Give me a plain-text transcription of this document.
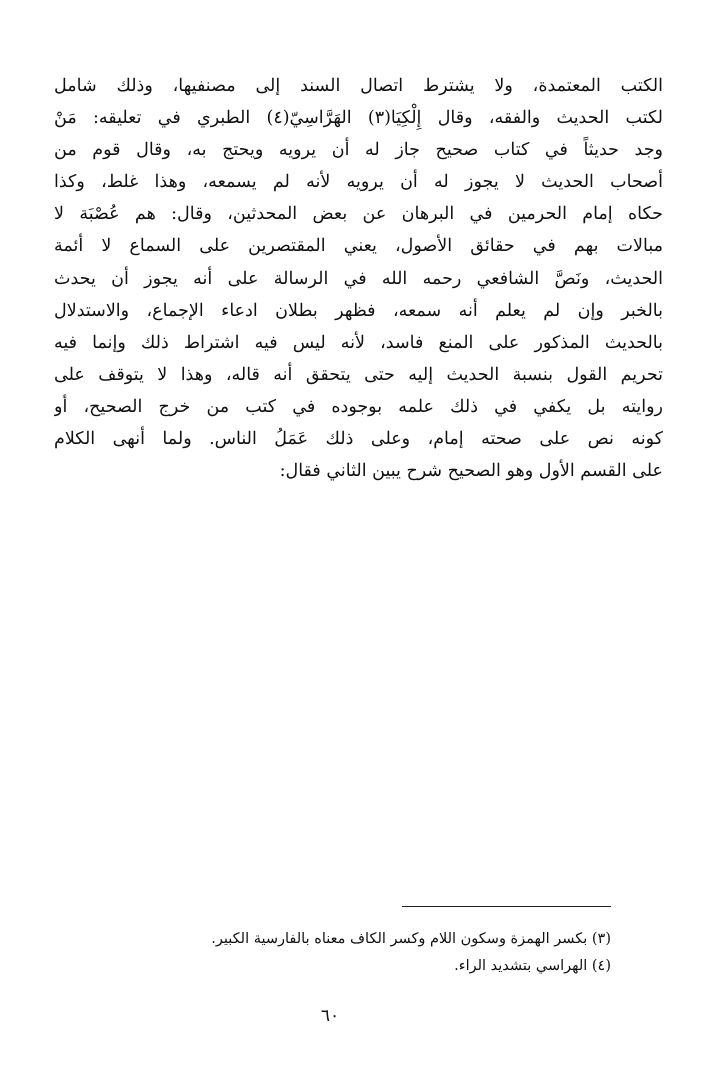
الكتب المعتمدة، ولا يشترط اتصال السند إلى مصنفيها، وذلك شامل
لكتب الحديث والفقه، وقال إِلْكِيَا(٣) الهَرَّاسِيّ(٤) الطبري في تعليقه: مَنْ
وجد حديثاً في كتاب صحيح جاز له أن يرويه ويحتج به، وقال قوم من
أصحاب الحديث لا يجوز له أن يرويه لأنه لم يسمعه، وهذا غلط، وكذا
حكاه إمام الحرمين في البرهان عن بعض المحدثين، وقال: هم عُصْبَة لا
مبالات بهم في حقائق الأصول، يعني المقتصرين على السماع لا أئمة
الحديث، ونَصَّ الشافعي رحمه الله في الرسالة على أنه يجوز أن يحدث
بالخبر وإن لم يعلم أنه سمعه، فظهر بطلان ادعاء الإجماع، والاستدلال
بالحديث المذكور على المنع فاسد، لأنه ليس فيه اشتراط ذلك وإنما فيه
تحريم القول بنسبة الحديث إليه حتى يتحقق أنه قاله، وهذا لا يتوقف على
روايته بل يكفي في ذلك علمه بوجوده في كتب من خرج الصحيح، أو
كونه نص على صحته إمام، وعلى ذلك عَمَلُ الناس. ولما أنهى الكلام
على القسم الأول وهو الصحيح شرح يبين الثاني فقال:
(٣) بكسر الهمزة وسكون اللام وكسر الكاف معناه بالفارسية الكبير.
(٤) الهراسي بتشديد الراء.
٦٠
